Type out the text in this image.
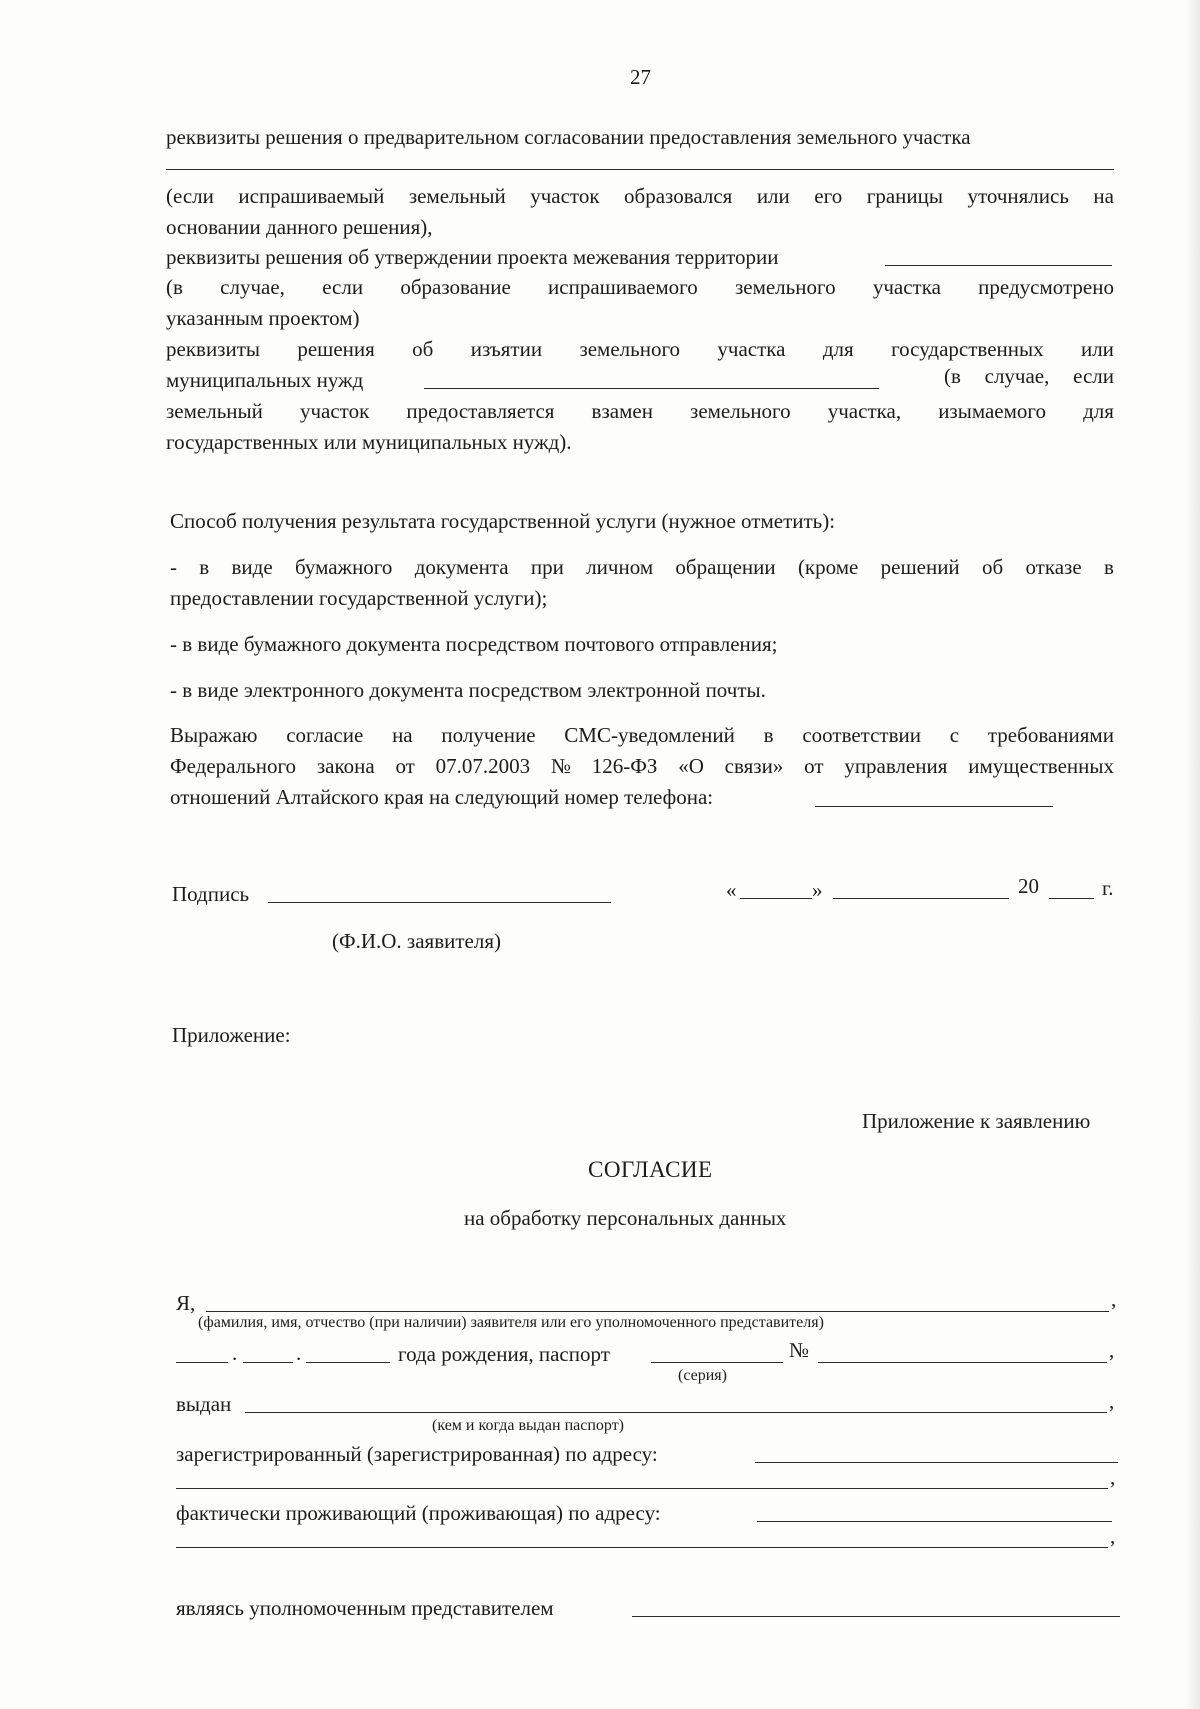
27
реквизиты решения о предварительном согласовании предоставления земельного участка
(если испрашиваемый земельный участок образовался или его границы уточнялись на
основании данного решения),
реквизиты решения об утверждении проекта межевания территории
(в случае, если образование испрашиваемого земельного участка предусмотрено
указанным проектом)
реквизиты решения об изъятии земельного участка для государственных или
муниципальных нужд	(в случае, если
земельный участок предоставляется взамен земельного участка, изымаемого для
государственных или муниципальных нужд).
Способ получения результата государственной услуги (нужное отметить):
- в виде бумажного документа при личном обращении (кроме решений об отказе в
предоставлении государственной услуги);
- в виде бумажного документа посредством почтового отправления;
- в виде электронного документа посредством электронной почты.
Выражаю согласие на получение СМС-уведомлений в соответствии с требованиями
Федерального закона от 07.07.2003 № 126-ФЗ «О связи» от управления имущественных
отношений Алтайского края на следующий номер телефона:
Подпись	«	»	20	г.
(Ф.И.О. заявителя)
Приложение:
Приложение к заявлению
СОГЛАСИЕ
на обработку персональных данных
Я,	,
(фамилия, имя, отчество (при наличии) заявителя или его уполномоченного представителя)
.	.	года рождения, паспорт	№	,
(серия)
выдан	,
(кем и когда выдан паспорт)
зарегистрированный (зарегистрированная) по адресу:
,
фактически проживающий (проживающая) по адресу:
,
являясь уполномоченным представителем
